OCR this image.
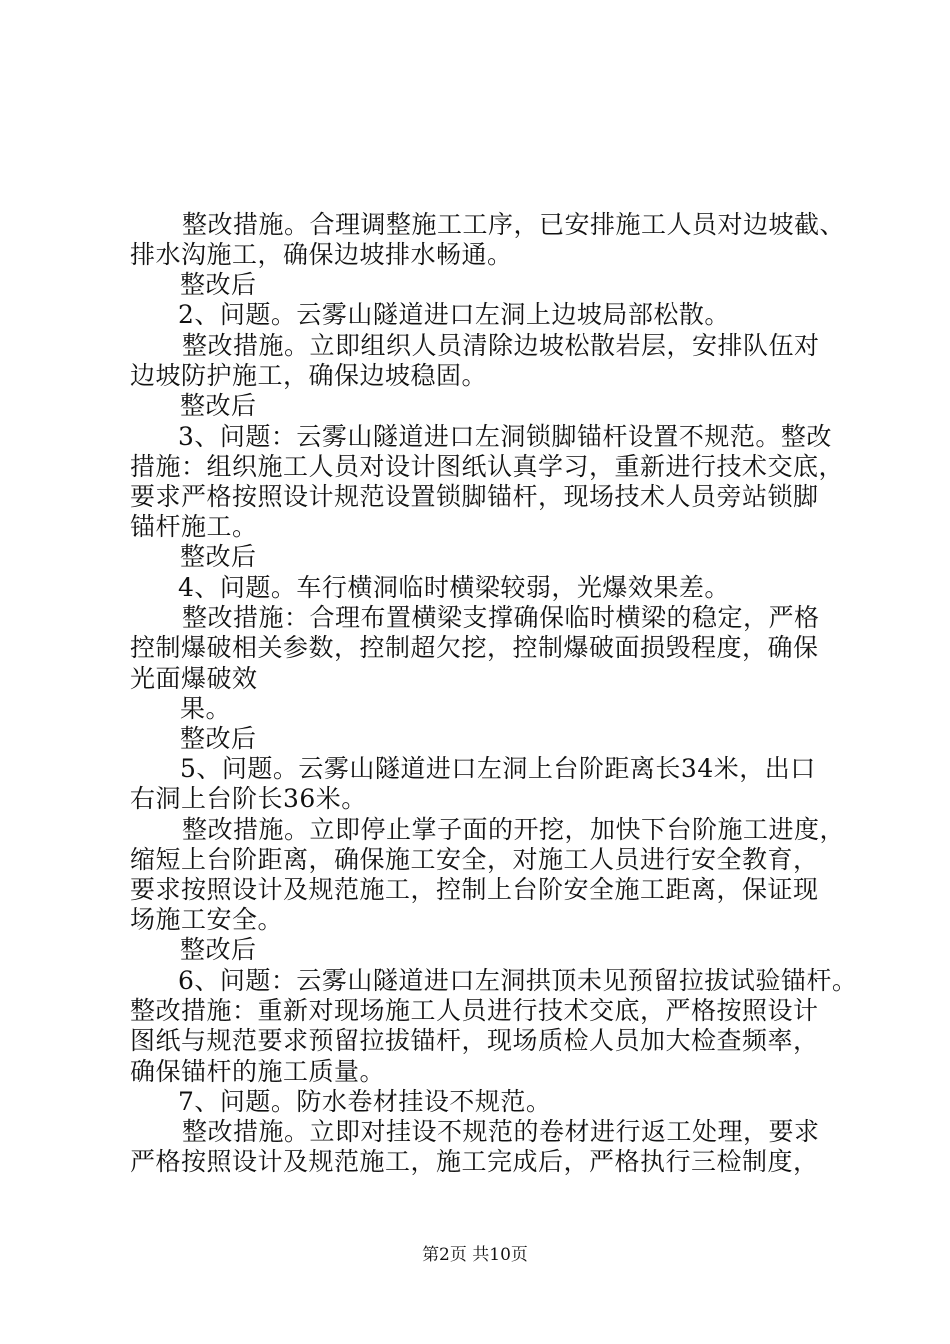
整改措施。合理调整施工工序，已安排施工人员对边坡截、
排水沟施工，确保边坡排水畅通。
整改后
2、问题。云雾山隧道进口左洞上边坡局部松散。
整改措施。立即组织人员清除边坡松散岩层，安排队伍对
边坡防护施工，确保边坡稳固。
整改后
3、问题：云雾山隧道进口左洞锁脚锚杆设置不规范。整改
措施：组织施工人员对设计图纸认真学习，重新进行技术交底，
要求严格按照设计规范设置锁脚锚杆，现场技术人员旁站锁脚
锚杆施工。
整改后
4、问题。车行横洞临时横梁较弱，光爆效果差。
整改措施：合理布置横梁支撑确保临时横梁的稳定，严格
控制爆破相关参数，控制超欠挖，控制爆破面损毁程度，确保
光面爆破效
果。
整改后
5、问题。云雾山隧道进口左洞上台阶距离长34米，出口
右洞上台阶长36米。
整改措施。立即停止掌子面的开挖，加快下台阶施工进度，
缩短上台阶距离，确保施工安全，对施工人员进行安全教育，
要求按照设计及规范施工，控制上台阶安全施工距离，保证现
场施工安全。
整改后
6、问题：云雾山隧道进口左洞拱顶未见预留拉拔试验锚杆。
整改措施：重新对现场施工人员进行技术交底，严格按照设计
图纸与规范要求预留拉拔锚杆，现场质检人员加大检查频率，
确保锚杆的施工质量。
7、问题。防水卷材挂设不规范。
整改措施。立即对挂设不规范的卷材进行返工处理，要求
严格按照设计及规范施工，施工完成后，严格执行三检制度，
第2页 共10页
